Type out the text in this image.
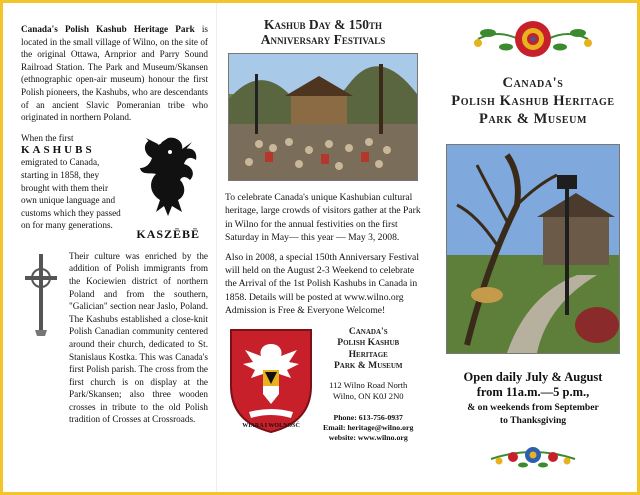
Canada's Polish Kashub Heritage Park is located in the small village of Wilno, on the site of the original Ottawa, Arnprior and Parry Sound Railroad Station. The Park and Museum/Skansen (ethnographic open-air museum) honour the first Polish pioneers, the Kashubs, who are descendants of an ancient Slavic Pomeranian tribe who originated in northern Poland.

When the first

KASHUBS

emigrated to Canada, starting in 1858, they brought with them their own unique language and customs which they passed on for many generations.

KASZËBË

Their culture was enriched by the addition of Polish immigrants from the Kociewien district of northern Poland and from the southern, "Galician" section near Jaslo, Poland. The Kashubs established a close-knit Polish Canadian community centered around their church, dedicated to St. Stanislaus Kostka. This was Canada's first Polish parish. The cross from the first church is on display at the Park/Skansen; also three wooden crosses in tribute to the old Polish tradition of Crosses at Crossroads.

Kashub Day & 150th
Anniversary Festivals

To celebrate Canada's unique Kashubian cultural heritage, large crowds of visitors gather at the Park in Wilno for the annual festivities on the first Saturday in May— this year — May 3, 2008.

Also in 2008, a special 150th Anniversary Festival will held on the August 2-3 Weekend to celebrate the Arrival of the 1st Polish Kashubs in Canada in 1858. Details will be posted at www.wilno.org Admission is Free & Everyone Welcome!

WIARA I WOLNOŚĆ
Canada's
Polish Kashub
Heritage
Park & Museum
112 Wilno Road North
Wilno, ON K0J 2N0
Phone: 613-756-0937
Email: heritage@wilno.org
website: www.wilno.org
Canada's
Polish Kashub Heritage
Park & Museum
Open daily July & August
from 11a.m.—5 p.m.,
& on weekends from September
to Thanksgiving
